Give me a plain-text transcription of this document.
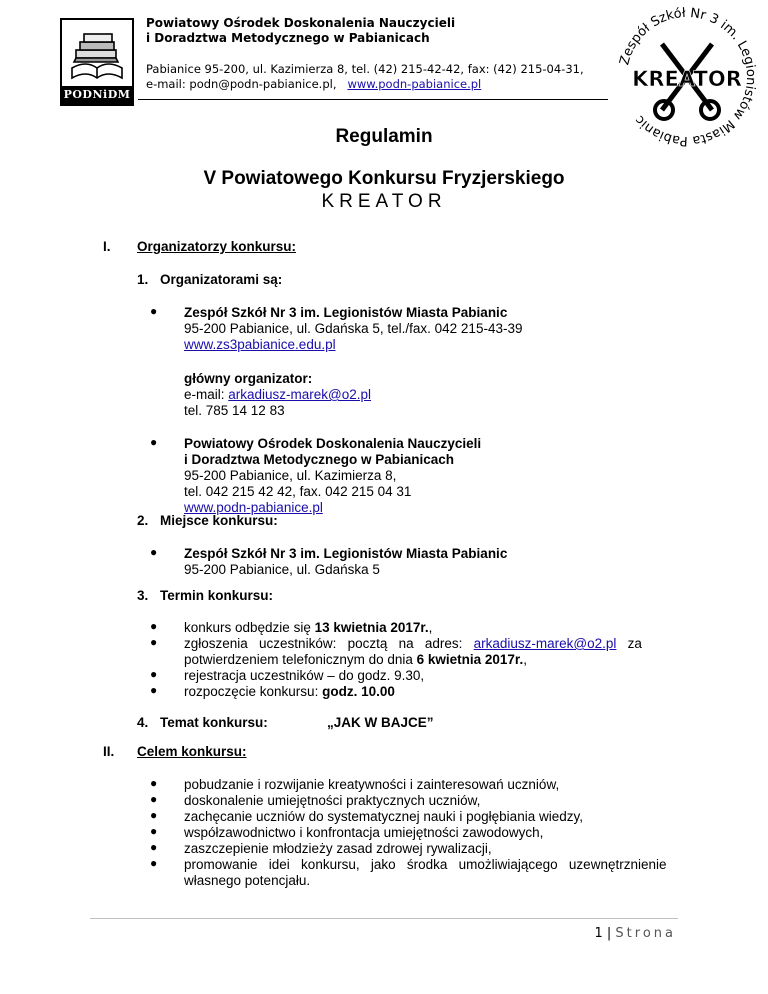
PODNiDM
Powiatowy Ośrodek Doskonalenia Nauczycieli
i Doradztwa Metodycznego w Pabianicach
Pabianice 95-200, ul. Kazimierza 8, tel. (42) 215-42-42, fax: (42) 215-04-31,
e-mail: podn@podn-pabianice.pl, www.podn-pabianice.pl
Zespół Szkół Nr 3 im. Legionistów Miasta Pabianic
KREATOR
Regulamin
V Powiatowego Konkursu Fryzjerskiego
KREATOR
I. Organizatorzy konkursu:
1. Organizatorami są:
● Zespół Szkół Nr 3 im. Legionistów Miasta Pabianic
95-200 Pabianice, ul. Gdańska 5, tel./fax. 042 215-43-39
www.zs3pabianice.edu.pl
główny organizator:
e-mail: arkadiusz-marek@o2.pl
tel. 785 14 12 83
● Powiatowy Ośrodek Doskonalenia Nauczycieli
i Doradztwa Metodycznego w Pabianicach
95-200 Pabianice, ul. Kazimierza 8,
tel. 042 215 42 42, fax. 042 215 04 31
www.podn-pabianice.pl
2. Miejsce konkursu:
● Zespół Szkół Nr 3 im. Legionistów Miasta Pabianic
95-200 Pabianice, ul. Gdańska 5
3. Termin konkursu:
● konkurs odbędzie się 13 kwietnia 2017r.,
● zgłoszenia   uczestników:   pocztą   na   adres:   arkadiusz-marek@o2.pl   za
potwierdzeniem telefonicznym do dnia 6 kwietnia 2017r.,
● rejestracja uczestników – do godz. 9.30,
● rozpoczęcie konkursu: godz. 10.00
4. Temat konkursu:	„JAK W BAJCE”
II. Celem konkursu:
● pobudzanie i rozwijanie kreatywności i zainteresowań uczniów,
● doskonalenie umiejętności praktycznych uczniów,
● zachęcanie uczniów do systematycznej nauki i pogłębiania wiedzy,
● współzawodnictwo i konfrontacja umiejętności zawodowych,
● zaszczepienie młodzieży zasad zdrowej rywalizacji,
● promowanie   idei   konkursu,   jako   środka   umożliwiającego   uzewnętrznienie
własnego potencjału.
1 | Strona
